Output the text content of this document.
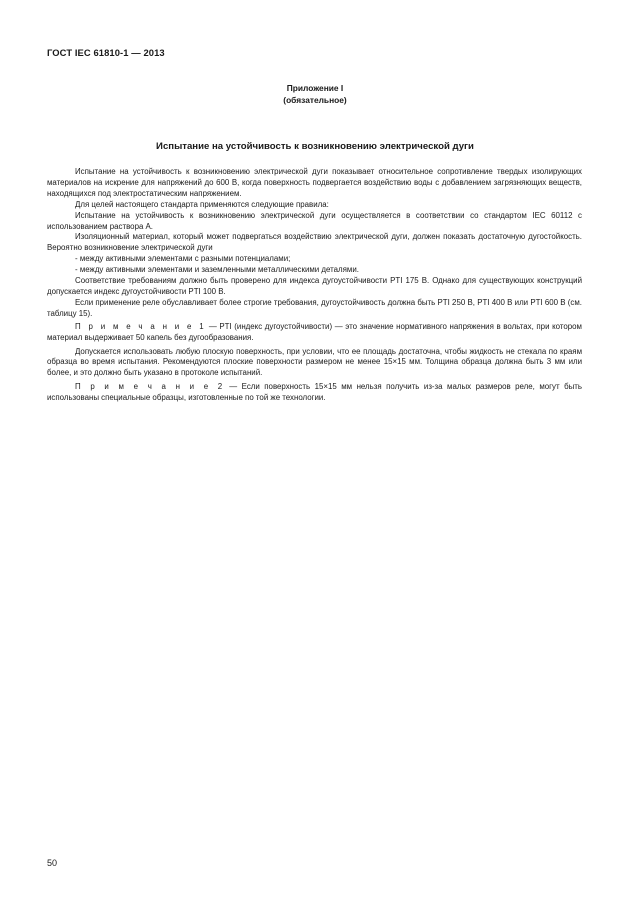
ГОСТ IEC 61810-1 — 2013
Приложение I
(обязательное)
Испытание на устойчивость к возникновению электрической дуги

Испытание на устойчивость к возникновению электрической дуги показывает относительное сопротивление твердых изолирующих материалов на искрение для напряжений до 600 В, когда поверхность подвергается воздействию воды с добавлением загрязняющих веществ, находящихся под электростатическим напряжением.

Для целей настоящего стандарта применяются следующие правила:

Испытание на устойчивость к возникновению электрической дуги осуществляется в соответствии со стандартом IEC 60112 с использованием раствора А.

Изоляционный материал, который может подвергаться воздействию электрической дуги, должен показать достаточную дугостойкость. Вероятно возникновение электрической дуги

- между активными элементами с разными потенциалами;

- между активными элементами и заземленными металлическими деталями.

Соответствие требованиям должно быть проверено для индекса дугоустойчивости PTI 175 В. Однако для существующих конструкций допускается индекс дугоустойчивости PTI 100 В.

Если применение реле обуславливает более строгие требования, дугоустойчивость должна быть PTI 250 В, PTI 400 В или PTI 600 В (см. таблицу 15).

П р и м е ч а н и е 1 — PTI (индекс дугоустойчивости) — это значение нормативного напряжения в вольтах, при котором материал выдерживает 50 капель без дугообразования.

Допускается использовать любую плоскую поверхность, при условии, что ее площадь достаточна, чтобы жидкость не стекала по краям образца во время испытания. Рекомендуются плоские поверхности размером не менее 15×15 мм. Толщина образца должна быть 3 мм или более, и это должно быть указано в протоколе испытаний.

П р и м е ч а н и е 2 — Если поверхность 15×15 мм нельзя получить из-за малых размеров реле, могут быть использованы специальные образцы, изготовленные по той же технологии.

50
